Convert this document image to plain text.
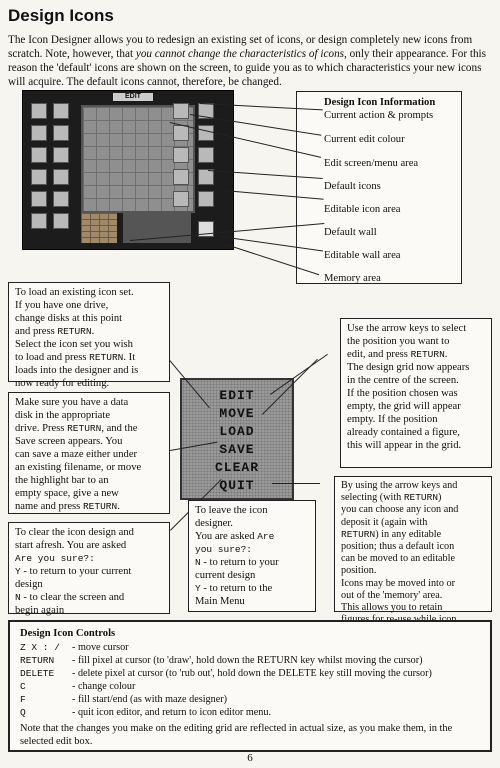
Design Icons
The Icon Designer allows you to redesign an existing set of icons, or design completely new icons from scratch. Note, however, that you cannot change the characteristics of icons, only their appearance. For this reason the 'default' icons are shown on the screen, to guide you as to which characteristics your new icons will acquire. The default icons cannot, therefore, be changed.
EDIT
Design Icon Information
Current action & prompts
Current edit colour
Edit screen/menu area
Default icons
Editable icon area
Default wall
Editable wall area
Memory area
To load an existing icon set.
If you have one drive,
change disks at this point
and press RETURN.
Select the icon set you wish
to load and press RETURN. It
loads into the designer and is
now ready for editing.
Make sure you have a data
disk in the appropriate
drive. Press RETURN, and the
Save screen appears. You
can save a maze either under
an existing filename, or move
the highlight bar to an
empty space, give a new
name and press RETURN.
To clear the icon design and
start afresh. You are asked
Are you sure?:
Y - to return to your current
design
N - to clear the screen and
begin again
EDIT
MOVE
LOAD
SAVE
CLEAR
QUIT
To leave the icon
designer.
You are asked Are
you sure?:
N - to return to your
current design
Y - to return to the
Main Menu
Use the arrow keys to select
the position you want to
edit, and press RETURN.
The design grid now appears
in the centre of the screen.
If the position chosen was
empty, the grid will appear
empty. If the position
already contained a figure,
this will appear in the grid.
By using the arrow keys and
selecting (with RETURN)
you can choose any icon and
deposit it (again with
RETURN) in any editable
position; thus a default icon
can be moved to an editable
position.
Icons may be moved into or
out of the 'memory' area.
This allows you to retain

Design Icon Controls
Z X : / - move cursor
RETURN - fill pixel at cursor (to 'draw', hold down the RETURN key whilst moving the cursor)
DELETE - delete pixel at cursor (to 'rub out', hold down the DELETE key still moving the cursor)
C	- change colour
F	- fill start/end (as with maze designer)
Q	- quit icon editor, and return to icon editor menu.
Note that the changes you make on the editing grid are reflected in actual size, as you make them, in the selected edit box.
6
